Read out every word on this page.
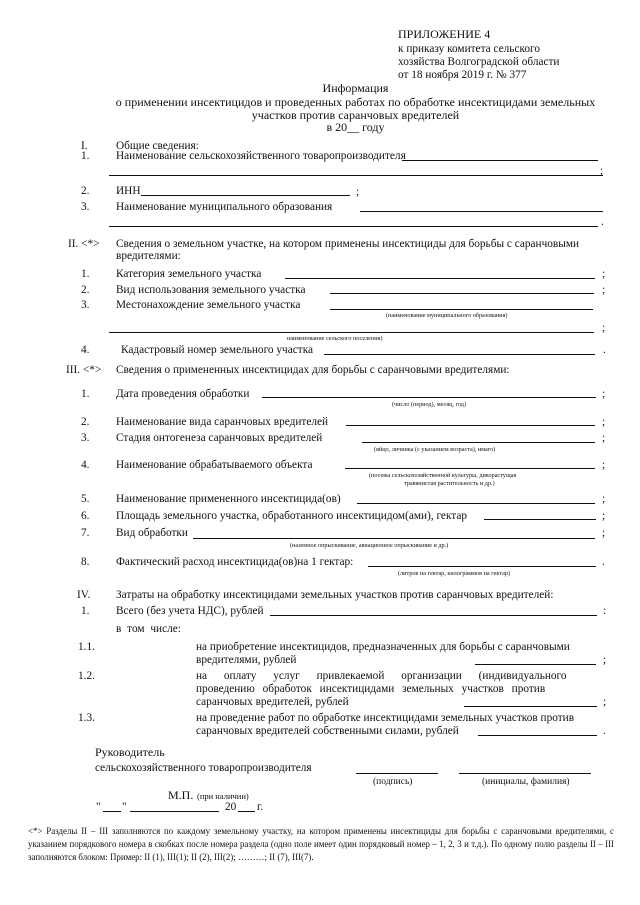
ПРИЛОЖЕНИЕ 4
к приказу комитета сельского
хозяйства Волгоградской области
от 18 ноября 2019 г. № 377
Информация
о применении инсектицидов и проведенных работах по обработке инсектицидами земельных
участков против саранчовых вредителей
в 20__ году
I.	Общие сведения:
1. Наименование сельскохозяйственного товаропроизводителя
;
2. ИНН	;
3. Наименование муниципального образования
.
II. <*> Сведения о земельном участке, на котором применены инсектициды для борьбы с саранчовыми
вредителями:
1. Категория земельного участка	;
2. Вид использования земельного участка	;
3. Местонахождение земельного участка
(наименование муниципального образования)
;
наименование сельского поселения)
4.	Кадастровый номер земельного участка	.
III. <*> Сведения о примененных инсектицидах для борьбы с саранчовыми вредителями:
1. Дата проведения обработки	;
(число (период), месяц, год)
2. Наименование вида саранчовых вредителей	;
3. Стадия онтогенеза саранчовых вредителей	;
(яйцо, личинка (с указанием возраста), имаго)
4. Наименование обрабатываемого объекта	;
(посевы сельскохозяйственной культуры, дикорастущая
травянистая растительность и др.)
5. Наименование примененного инсектицида(ов)	;
6. Площадь земельного участка, обработанного инсектицидом(ами), гектар	;
7. Вид обработки	;
(наземное опрыскивание, авиационное опрыскивание и др.)
8. Фактический расход инсектицида(ов)на 1 гектар:	.
(литров на гектар, килограммов на гектар)
IV. Затраты на обработку инсектицидами земельных участков против саранчовых вредителей:
1. Всего (без учета НДС), рублей	:
в том числе:
1.1.	на приобретение инсектицидов, предназначенных для борьбы с саранчовыми
вредителями, рублей	;
1.2.	на оплату услуг привлекаемой организации (индивидуального
проведению обработок инсектицидами земельных участков против
саранчовых вредителей, рублей	;
1.3.	на проведение работ по обработке инсектицидами земельных участков против
саранчовых вредителей собственными силами, рублей	.
Руководитель
сельскохозяйственного товаропроизводителя
(подпись)	(инициалы, фамилия)
М.П. (при наличии)
" "	20 г.
<*> Разделы II – III заполняются по каждому земельному участку, на котором применены инсектициды для борьбы с саранчовыми вредителями, с указанием порядкового номера в скобках после номера раздела (одно поле имеет один порядковый номер – 1, 2, 3 и т.д.). По одному полю разделы II – III заполняются блоком: Пример: II (1), III(1); II (2), III(2); ………; II (7), III(7).
